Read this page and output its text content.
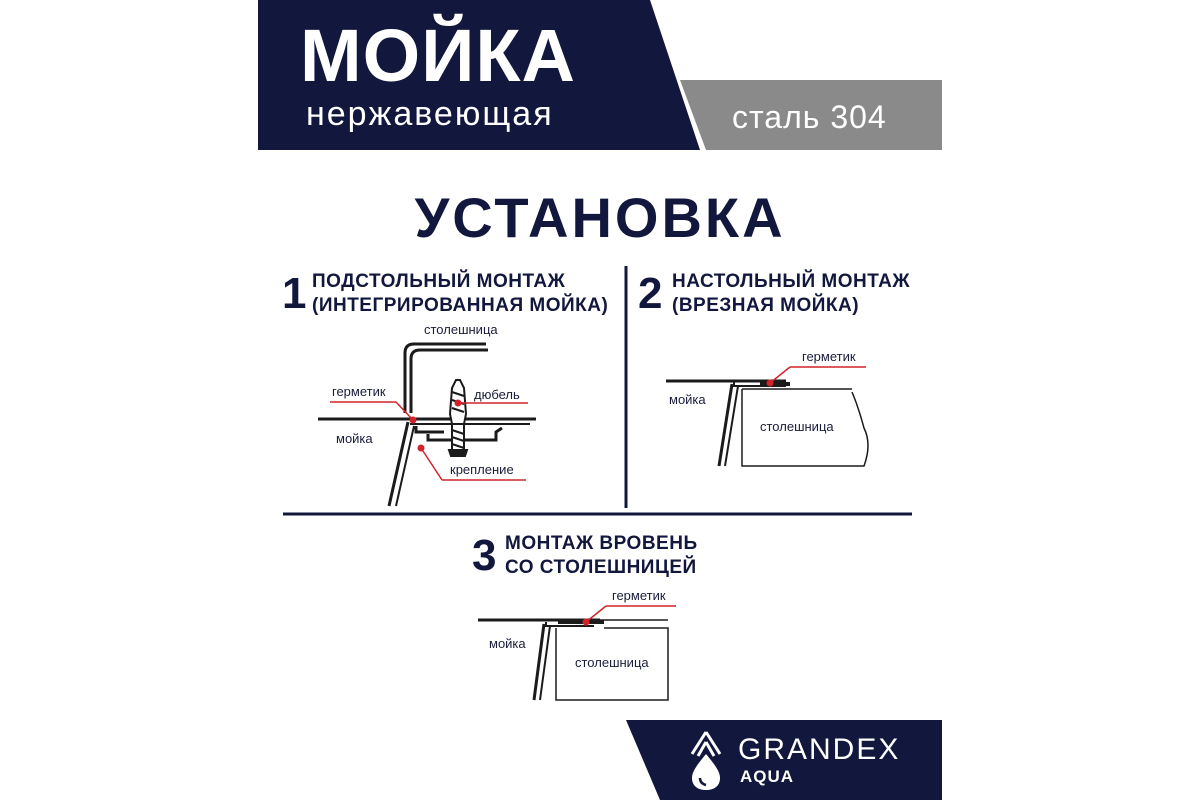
МОЙКА
нержавеющая	сталь 304
УСТАНОВКА
1 ПОДСТОЛЬНЫЙ МОНТАЖ
(ИНТЕГРИРОВАННАЯ МОЙКА) 2 НАСТОЛЬНЫЙ МОНТАЖ
(ВРЕЗНАЯ МОЙКА)
3 МОНТАЖ ВРОВЕНЬ
СО СТОЛЕШНИЦЕЙ
столешница
герметик	дюбель
мойка
крепление
герметик
мойка
столешница
герметик
мойка
столешница
GRANDEX
AQUA
